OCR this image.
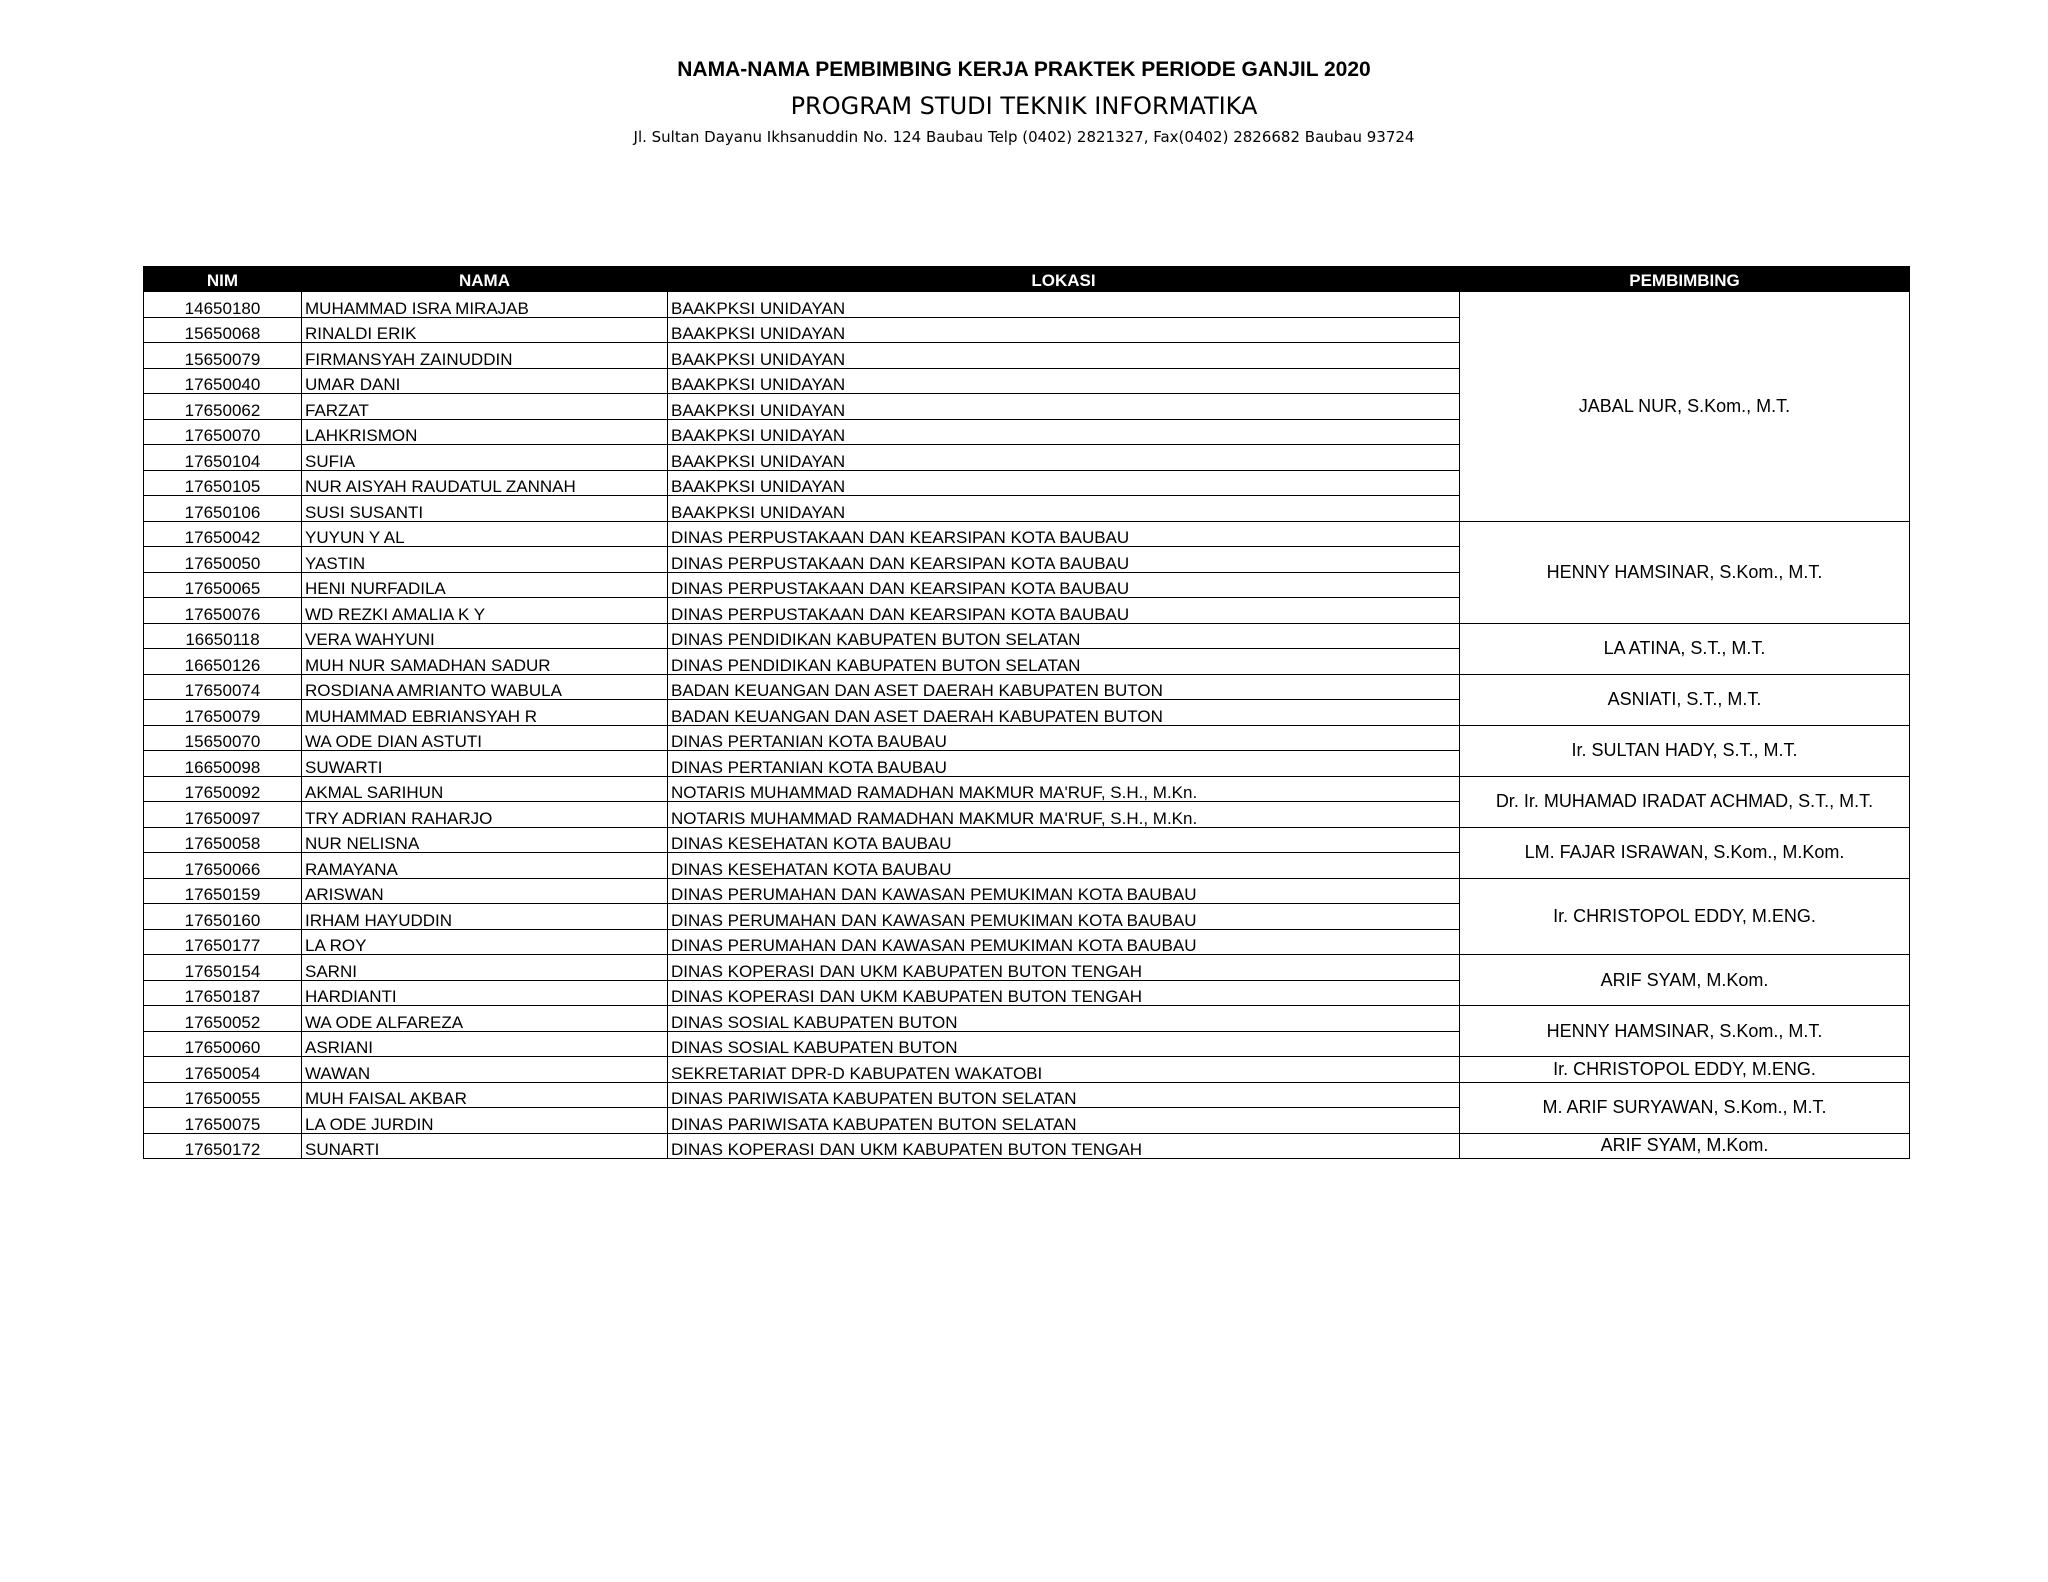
NAMA-NAMA PEMBIMBING KERJA PRAKTEK PERIODE GANJIL 2020
PROGRAM STUDI TEKNIK INFORMATIKA
Jl. Sultan Dayanu Ikhsanuddin No. 124 Baubau Telp (0402) 2821327, Fax(0402) 2826682 Baubau 93724
NIM	NAMA	LOKASI	PEMBIMBING
14650180	MUHAMMAD ISRA MIRAJAB	BAAKPKSI UNIDAYAN	JABAL NUR, S.Kom., M.T.
15650068	RINALDI ERIK	BAAKPKSI UNIDAYAN	
15650079	FIRMANSYAH ZAINUDDIN	BAAKPKSI UNIDAYAN	
17650040	UMAR DANI	BAAKPKSI UNIDAYAN	
17650062	FARZAT	BAAKPKSI UNIDAYAN	
17650070	LAHKRISMON	BAAKPKSI UNIDAYAN	
17650104	SUFIA	BAAKPKSI UNIDAYAN	
17650105	NUR AISYAH RAUDATUL ZANNAH	BAAKPKSI UNIDAYAN	
17650106	SUSI SUSANTI	BAAKPKSI UNIDAYAN	
17650042	YUYUN Y AL	DINAS PERPUSTAKAAN DAN KEARSIPAN KOTA BAUBAU	HENNY HAMSINAR, S.Kom., M.T.
17650050	YASTIN	DINAS PERPUSTAKAAN DAN KEARSIPAN KOTA BAUBAU	
17650065	HENI NURFADILA	DINAS PERPUSTAKAAN DAN KEARSIPAN KOTA BAUBAU	
17650076	WD REZKI AMALIA K Y	DINAS PERPUSTAKAAN DAN KEARSIPAN KOTA BAUBAU	
16650118	VERA WAHYUNI	DINAS PENDIDIKAN KABUPATEN BUTON SELATAN	LA ATINA, S.T., M.T.
16650126	MUH NUR SAMADHAN SADUR	DINAS PENDIDIKAN KABUPATEN BUTON SELATAN	
17650074	ROSDIANA AMRIANTO WABULA	BADAN KEUANGAN DAN ASET DAERAH KABUPATEN BUTON	ASNIATI, S.T., M.T.
17650079	MUHAMMAD EBRIANSYAH R	BADAN KEUANGAN DAN ASET DAERAH KABUPATEN BUTON	
15650070	WA ODE DIAN ASTUTI	DINAS PERTANIAN KOTA BAUBAU	Ir. SULTAN HADY, S.T., M.T.
16650098	SUWARTI	DINAS PERTANIAN KOTA BAUBAU	
17650092	AKMAL SARIHUN	NOTARIS MUHAMMAD RAMADHAN MAKMUR MA'RUF, S.H., M.Kn.	Dr. Ir. MUHAMAD IRADAT ACHMAD, S.T., M.T.
17650097	TRY ADRIAN RAHARJO	NOTARIS MUHAMMAD RAMADHAN MAKMUR MA'RUF, S.H., M.Kn.	
17650058	NUR NELISNA	DINAS KESEHATAN KOTA BAUBAU	LM. FAJAR ISRAWAN, S.Kom., M.Kom.
17650066	RAMAYANA	DINAS KESEHATAN KOTA BAUBAU	
17650159	ARISWAN	DINAS PERUMAHAN DAN KAWASAN PEMUKIMAN KOTA BAUBAU	Ir. CHRISTOPOL EDDY, M.ENG.
17650160	IRHAM HAYUDDIN	DINAS PERUMAHAN DAN KAWASAN PEMUKIMAN KOTA BAUBAU	
17650177	LA ROY	DINAS PERUMAHAN DAN KAWASAN PEMUKIMAN KOTA BAUBAU	
17650154	SARNI	DINAS KOPERASI DAN UKM KABUPATEN BUTON TENGAH	ARIF SYAM, M.Kom.
17650187	HARDIANTI	DINAS KOPERASI DAN UKM KABUPATEN BUTON TENGAH	
17650052	WA ODE ALFAREZA	DINAS SOSIAL KABUPATEN BUTON	HENNY HAMSINAR, S.Kom., M.T.
17650060	ASRIANI	DINAS SOSIAL KABUPATEN BUTON	
17650054	WAWAN	SEKRETARIAT DPR-D KABUPATEN WAKATOBI	Ir. CHRISTOPOL EDDY, M.ENG.
17650055	MUH FAISAL AKBAR	DINAS PARIWISATA KABUPATEN BUTON SELATAN	M. ARIF SURYAWAN, S.Kom., M.T.
17650075	LA ODE JURDIN	DINAS PARIWISATA KABUPATEN BUTON SELATAN	
17650172	SUNARTI	DINAS KOPERASI DAN UKM KABUPATEN BUTON TENGAH	ARIF SYAM, M.Kom.
